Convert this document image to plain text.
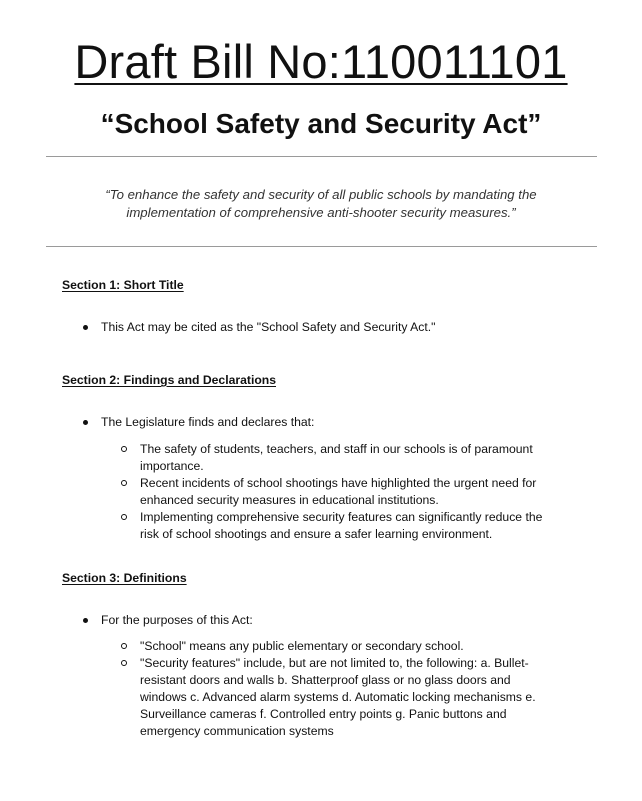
Draft Bill No:110011101
“School Safety and Security Act”
“To enhance the safety and security of all public schools by mandating the implementation of comprehensive anti-shooter security measures.”
Section 1: Short Title
This Act may be cited as the "School Safety and Security Act."
Section 2: Findings and Declarations
The Legislature finds and declares that:

The safety of students, teachers, and staff in our schools is of paramount importance.

Recent incidents of school shootings have highlighted the urgent need for enhanced security measures in educational institutions.

Implementing comprehensive security features can significantly reduce the risk of school shootings and ensure a safer learning environment.

Section 3: Definitions
For the purposes of this Act:

"School" means any public elementary or secondary school.

"Security features" include, but are not limited to, the following: a. Bullet-resistant doors and walls b. Shatterproof glass or no glass doors and windows c. Advanced alarm systems d. Automatic locking mechanisms e. Surveillance cameras f. Controlled entry points g. Panic buttons and emergency communication systems
